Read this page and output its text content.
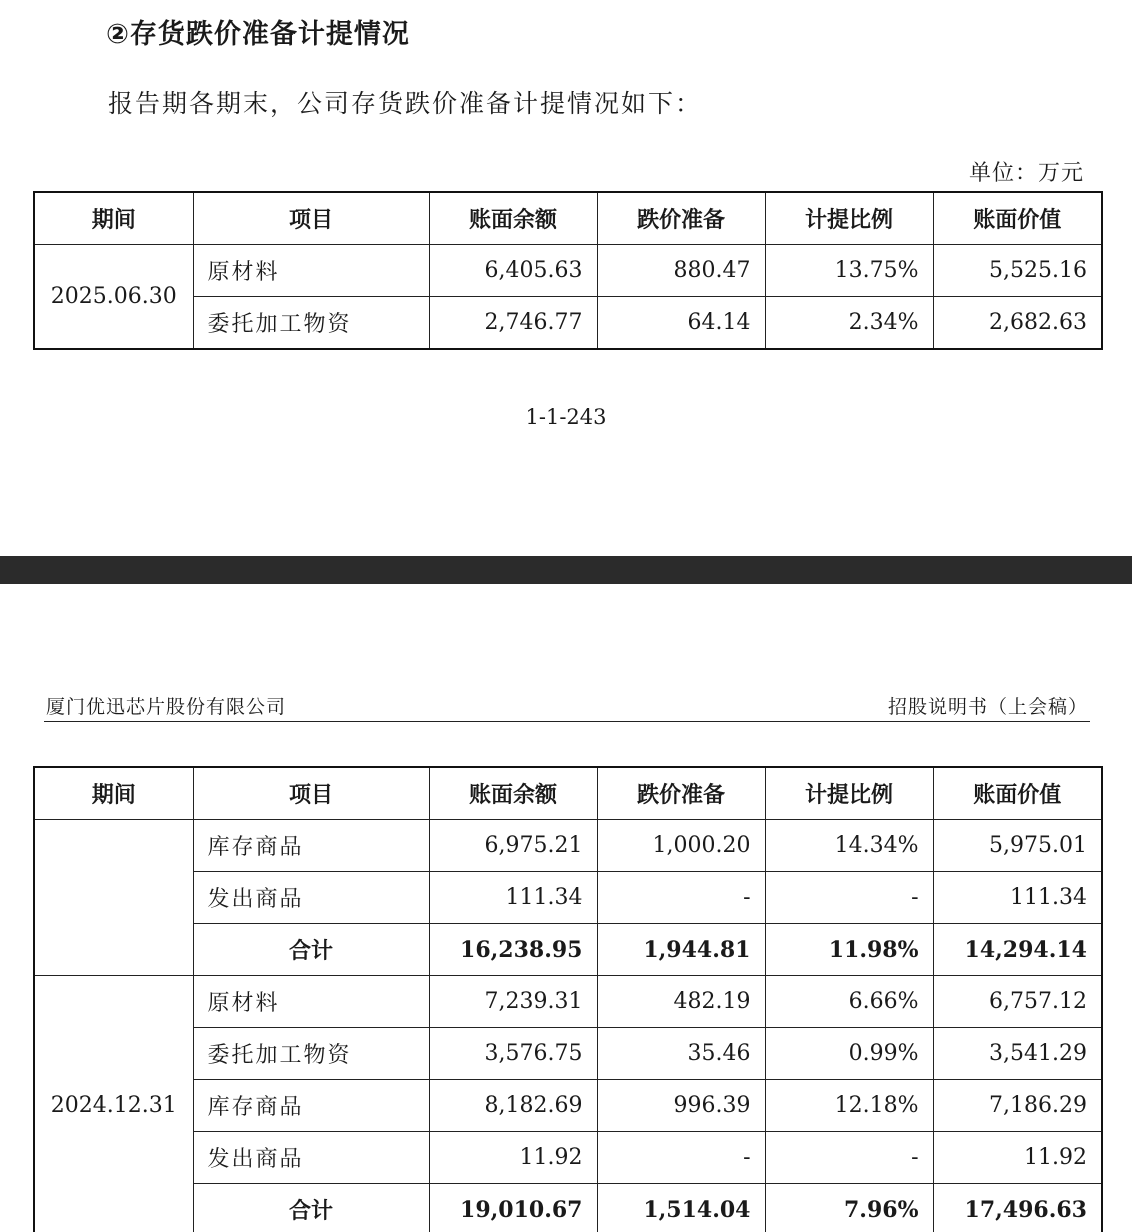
②存货跌价准备计提情况
报告期各期末，公司存货跌价准备计提情况如下：
单位：万元
1-1-243
厦门优迅芯片股份有限公司	招股说明书（上会稿）
期间	项目	账面余额	跌价准备	计提比例	账面价值
2025.06.30	原材料	6,405.63	880.47	13.75%	5,525.16
	委托加工物资	2,746.77	64.14	2.34%	2,682.63
期间	项目	账面余额	跌价准备	计提比例	账面价值
	库存商品	6,975.21	1,000.20	14.34%	5,975.01
	发出商品	111.34	-	-	111.34
	合计	16,238.95	1,944.81	11.98%	14,294.14
2024.12.31	原材料	7,239.31	482.19	6.66%	6,757.12
	委托加工物资	3,576.75	35.46	0.99%	3,541.29
	库存商品	8,182.69	996.39	12.18%	7,186.29
	发出商品	11.92	-	-	11.92
	合计	19,010.67	1,514.04	7.96%	17,496.63
